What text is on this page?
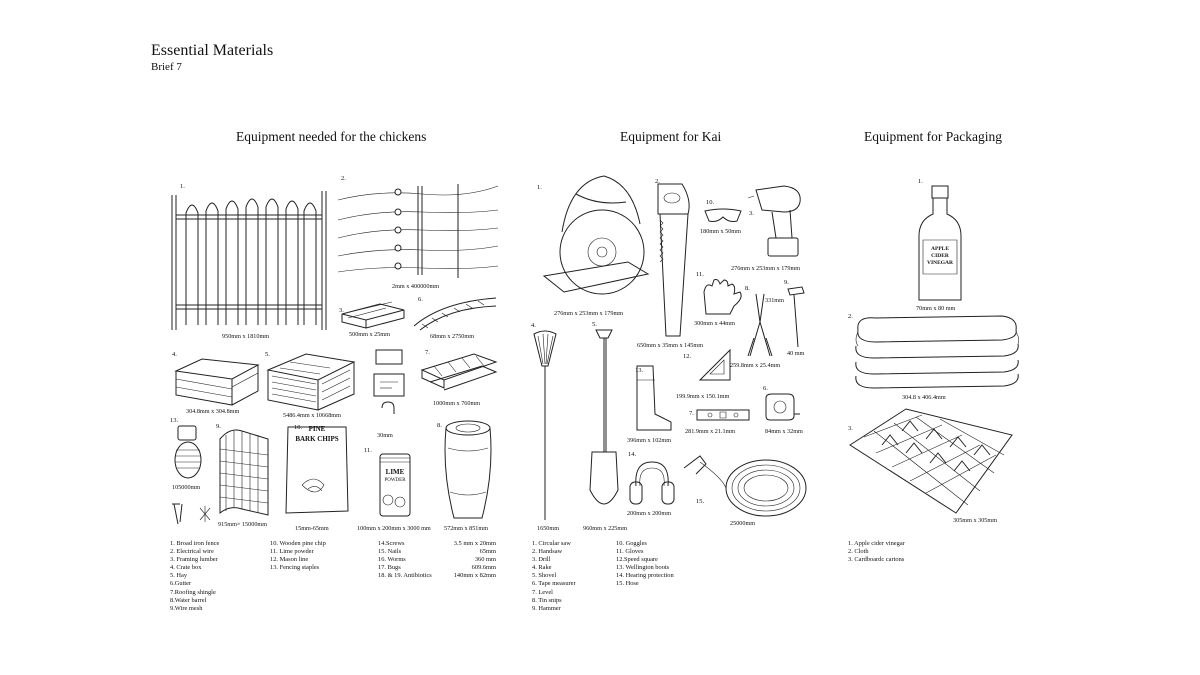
Essential Materials
Brief 7
Equipment needed for the chickens	Equipment for Kai	Equipment for Packaging
1.
950mm x 1810mm
2.
2mm x 400000mm
3.
500mm x 25mm
6.
68mm x 2750mm
4.
304.8mm x 304.8mm
5.
5486.4mm x 10668mm
30mm
7.
1000mm x 760mm
13.
105000mm
9.
915mm× 15000mm
PINE
BARK CHIPS
10.
15mm-65mm
LIME
POWDER
11.
100mm x 200mm x 3000 mm
8.
572mm x 851mm
1. Broad iron fence
2. Electrical wire
3. Framing lumber
4. Crate box
5. Hay
6.Gutter
7.Roofing shingle
8.Water barrel
9.Wire mesh
10. Wooden pine chip
11. Lime powder
12. Mason line
13. Fencing staples
14.Screws
15. Nails
16. Worms
17. Bugs
18. & 19. Antibiotics
3.5 mm x 20mm
65mm
360 mm
609.6mm
140mm x 82mm
1.
276mm x 253mm x 179mm
2.
650mm x 35mm x 145mm
10.
180mm x 50mm
3.
276mm x 253mm x 179mm
11.
300mm x 44mm
8.
331mm
9.
40 mm
12.
199.9mm x 150.1mm
259.8mm x 25.4mm
4.
1650mm
5.
960mm x 225mm
13.
396mm x 102mm
7.
281.9mm x 21.1mm
6.
84mm x 32mm
14.
200mm x 200mm
15.
25000mm
1. Circular saw
2. Handsaw
3. Drill
4. Rake
5. Shovel
6. Tape measurer
7. Level
8. Tin snips
9. Hammer
10. Goggles
11. Gloves
12.Speed square
13. Wellington boots
14. Hearing protection
15. Hose
APPLE CIDER VINEGAR
1.
70mm x 80 mm
2.
304.8 x 406.4mm
3.
305mm x 305mm
1. Apple cider vinegar
2. Cloth
3. Cardboardc cartons
